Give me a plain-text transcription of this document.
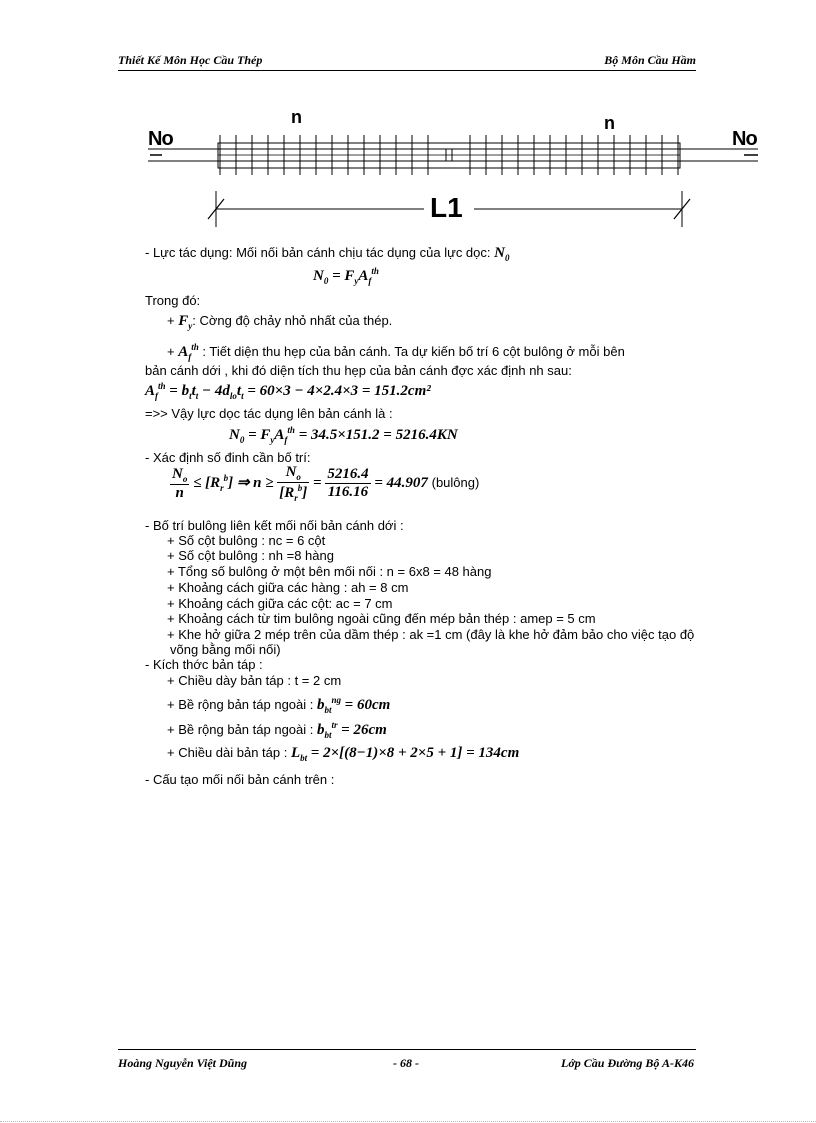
Thiết Kế Môn Học Cầu Thép	Bộ Môn Cầu Hầm
No	No
n	n
L1
- Lực tác dụng: Mối nối bản cánh chịu tác dụng của lực dọc: $N_0$
$N_0 = F_yA_f^{th}$
Trong đó:
+ $F_y$: Cờng độ chảy nhỏ nhất của thép.
+ $A_f^{th}$ : Tiết diện thu hẹp của bản cánh. Ta dự kiến bố trí 6 cột bulông ở mỗi bên
bản cánh dới , khi đó diện tích thu hẹp của bản cánh đợc xác định nh sau:
$A_f^{th} = b_tt_t - 4d_{lo}t_t = 60\times 3 - 4\times 2.4\times 3 = 151.2cm^2$
=>> Vậy lực dọc tác dụng lên bản cánh là :
$N_0 = F_yA_f^{th} = 34.5\times 151.2 = 5216.4KN$
- Xác định số đinh cần bố trí:
$\frac{N_o}{n} \le [R_r^b]$ ⇒ $n \ge \frac{N_o}{[R_r^b]} = \frac{5216.4}{116.16} = 44.907$ (bulông)
- Bố trí bulông liên kết mối nối bản cánh dới :
+ Số cột bulông : nc = 6 cột
+ Số cột bulông : nh =8 hàng
+ Tổng số bulông ở một bên mối nối : n = 6x8 = 48 hàng
+ Khoảng cách giữa các hàng : ah = 8 cm
+ Khoảng cách giữa các cột: ac = 7 cm
+ Khoảng cách từ tim bulông ngoài cũng đến mép bản thép : amep = 5 cm
+ Khe hở giữa 2 mép trên của dầm thép : ak =1 cm (đây là khe hở đảm bảo cho việc tạo độ
võng bằng mối nối)
- Kích thớc bản táp :
+ Chiều dày bản táp : t = 2 cm
+ Bề rộng bản táp ngoài : $b_{bt}^{ng} = 60cm$
+ Bề rộng bản táp ngoài : $b_{bt}^{tr} = 26cm$
+ Chiều dài bản táp : $L_{bt} = 2\times[(8-1)\times 8 + 2\times 5 + 1] = 134cm$
- Cấu tạo mối nối bản cánh trên :
Hoàng Nguyễn Việt Dũng	- 68 -	Lớp Cầu Đường Bộ A-K46
